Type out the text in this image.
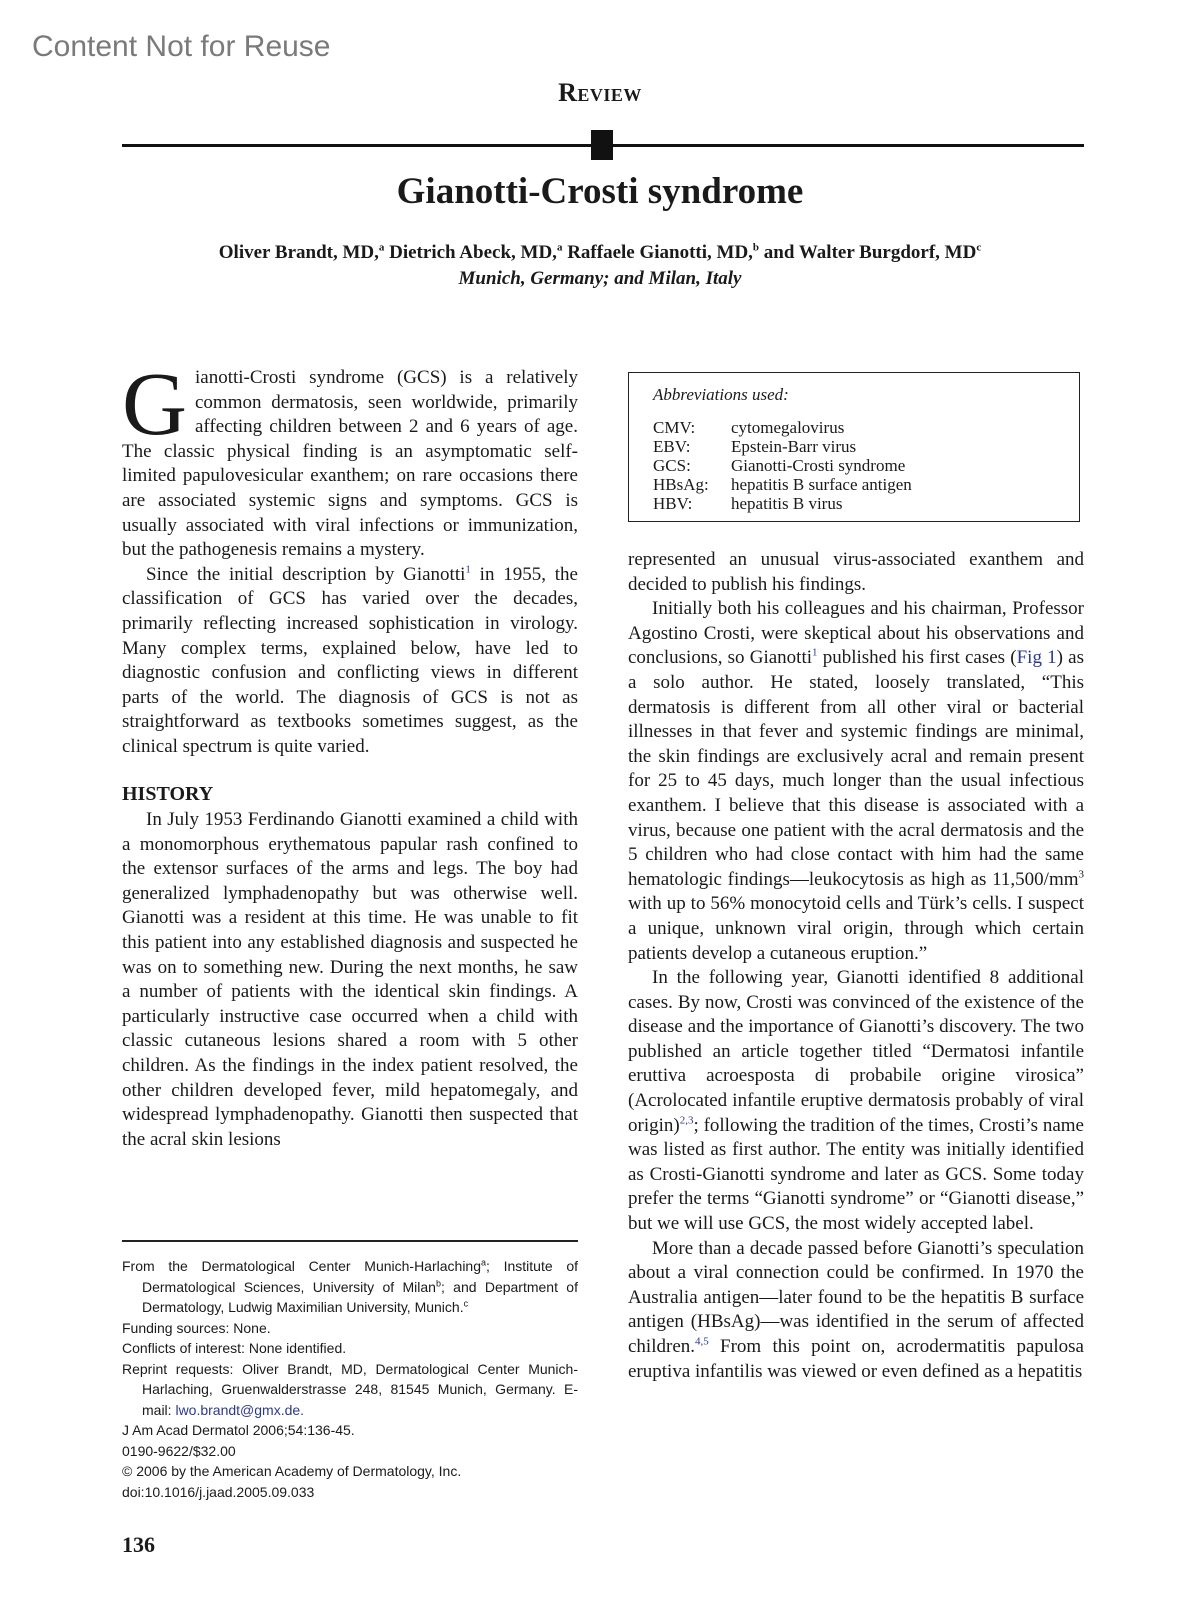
Content Not for Reuse
Review
Gianotti-Crosti syndrome
Oliver Brandt, MD,$^a$ Dietrich Abeck, MD,$^a$ Raffaele Gianotti, MD,$^b$ and Walter Burgdorf, $MD^c$
Munich, Germany; and Milan, Italy

Gianotti-Crosti syndrome (GCS) is a relatively common dermatosis, seen worldwide, primarily affecting children between 2 and 6 years of age. The classic physical finding is an asymptomatic self-limited papulovesicular exanthem; on rare occasions there are associated systemic signs and symptoms. GCS is usually associated with viral infections or immunization, but the pathogenesis remains a mystery.

Since the initial description by Gianotti$^1$ in 1955, the classification of GCS has varied over the decades, primarily reflecting increased sophistication in virology. Many complex terms, explained below, have led to diagnostic confusion and conflicting views in different parts of the world. The diagnosis of GCS is not as straightforward as textbooks sometimes suggest, as the clinical spectrum is quite varied.

HISTORY

In July 1953 Ferdinando Gianotti examined a child with a monomorphous erythematous papular rash confined to the extensor surfaces of the arms and legs. The boy had generalized lymphadenopathy but was otherwise well. Gianotti was a resident at this time. He was unable to fit this patient into any established diagnosis and suspected he was on to something new. During the next months, he saw a number of patients with the identical skin findings. A particularly instructive case occurred when a child with classic cutaneous lesions shared a room with 5 other children. As the findings in the index patient resolved, the other children developed fever, mild hepatomegaly, and widespread lymphadenopathy. Gianotti then suspected that the acral skin lesions

Abbreviations used:
CMV:	cytomegalovirus
EBV:	Epstein-Barr virus
GCS:	Gianotti-Crosti syndrome
HBsAg:	hepatitis B surface antigen
HBV:	hepatitis B virus

represented an unusual virus-associated exanthem and decided to publish his findings.

Initially both his colleagues and his chairman, Professor Agostino Crosti, were skeptical about his observations and conclusions, so Gianotti$^1$ published his first cases (Fig 1) as a solo author. He stated, loosely translated, “This dermatosis is different from all other viral or bacterial illnesses in that fever and systemic findings are minimal, the skin findings are exclusively acral and remain present for 25 to 45 days, much longer than the usual infectious exanthem. I believe that this disease is associated with a virus, because one patient with the acral dermatosis and the 5 children who had close contact with him had the same hematologic findings—leukocytosis as high as $11,500/mm^3$ with up to 56% monocytoid cells and Türk’s cells. I suspect a unique, unknown viral origin, through which certain patients develop a cutaneous eruption.”

In the following year, Gianotti identified 8 additional cases. By now, Crosti was convinced of the existence of the disease and the importance of Gianotti’s discovery. The two published an article together titled “Dermatosi infantile eruttiva acroesposta di probabile origine virosica” (Acrolocated infantile eruptive dermatosis probably of viral origin)$^{2,3}$; following the tradition of the times, Crosti’s name was listed as first author. The entity was initially identified as Crosti-Gianotti syndrome and later as GCS. Some today prefer the terms “Gianotti syndrome” or “Gianotti disease,” but we will use GCS, the most widely accepted label.

More than a decade passed before Gianotti’s speculation about a viral connection could be confirmed. In 1970 the Australia antigen—later found to be the hepatitis B surface antigen (HBsAg)—was identified in the serum of affected children.$^{4,5}$ From this point on, acrodermatitis papulosa eruptiva infantilis was viewed or even defined as a hepatitis

From the Dermatological Center Munich-Harlaching$^a$; Institute of Dermatological Sciences, University of Milan$^b$; and Department of Dermatology, Ludwig Maximilian University, Munich.$^c$

Funding sources: None.

Conflicts of interest: None identified.

Reprint requests: Oliver Brandt, MD, Dermatological Center Munich-Harlaching, Gruenwalderstrasse 248, 81545 Munich, Germany. E-mail: lwo.brandt@gmx.de.

J Am Acad Dermatol 2006;54:136-45.

0190-9622/$32.00

© 2006 by the American Academy of Dermatology, Inc.

doi:10.1016/j.jaad.2005.09.033

136
